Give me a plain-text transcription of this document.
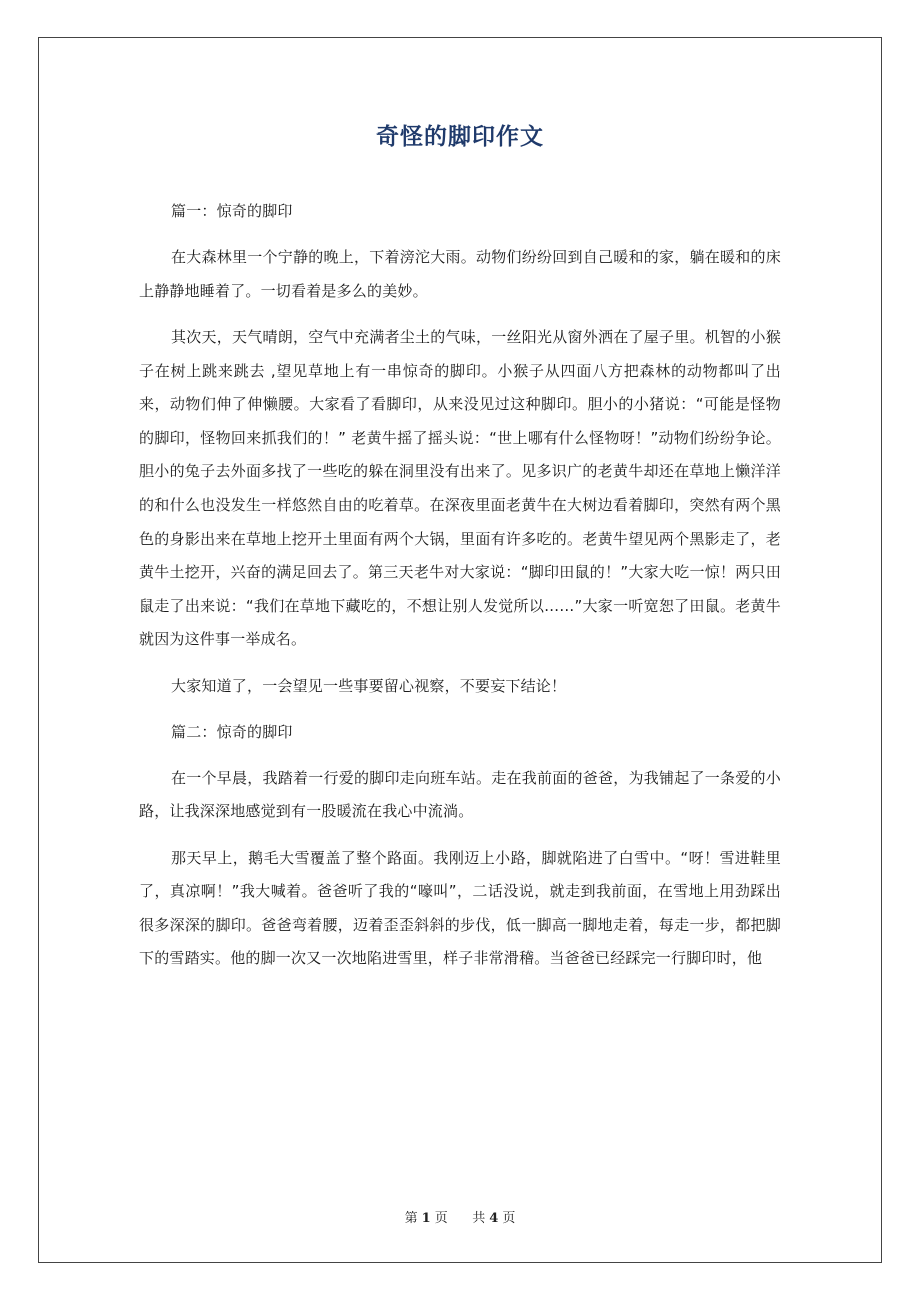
奇怪的脚印作文

篇一：惊奇的脚印

在大森林里一个宁静的晚上，下着滂沱大雨。动物们纷纷回到自己暖和的家，躺在暖和的床上静静地睡着了。一切看着是多么的美妙。

其次天，天气晴朗，空气中充满者尘土的气味，一丝阳光从窗外洒在了屋子里。机智的小猴子在树上跳来跳去 ,望见草地上有一串惊奇的脚印。小猴子从四面八方把森林的动物都叫了出来，动物们伸了伸懒腰。大家看了看脚印，从来没见过这种脚印。胆小的小猪说：“可能是怪物的脚印，怪物回来抓我们的！” 老黄牛摇了摇头说：“世上哪有什么怪物呀！”动物们纷纷争论。胆小的兔子去外面多找了一些吃的躲在洞里没有出来了。见多识广的老黄牛却还在草地上懒洋洋的和什么也没发生一样悠然自由的吃着草。在深夜里面老黄牛在大树边看着脚印，突然有两个黑色的身影出来在草地上挖开土里面有两个大锅，里面有许多吃的。老黄牛望见两个黑影走了，老黄牛土挖开，兴奋的满足回去了。第三天老牛对大家说：“脚印田鼠的！”大家大吃一惊！两只田鼠走了出来说：“我们在草地下藏吃的，不想让别人发觉所以……”大家一听宽恕了田鼠。老黄牛就因为这件事一举成名。

大家知道了，一会望见一些事要留心视察，不要妄下结论！

篇二：惊奇的脚印

在一个早晨，我踏着一行爱的脚印走向班车站。走在我前面的爸爸，为我铺起了一条爱的小路，让我深深地感觉到有一股暖流在我心中流淌。

那天早上，鹅毛大雪覆盖了整个路面。我刚迈上小路，脚就陷进了白雪中。“呀！雪进鞋里了，真凉啊！”我大喊着。爸爸听了我的“嚎叫”，二话没说，就走到我前面，在雪地上用劲踩出很多深深的脚印。爸爸弯着腰，迈着歪歪斜斜的步伐，低一脚高一脚地走着，每走一步，都把脚下的雪踏实。他的脚一次又一次地陷进雪里，样子非常滑稽。当爸爸已经踩完一行脚印时，他

第 1 页 共 4 页
